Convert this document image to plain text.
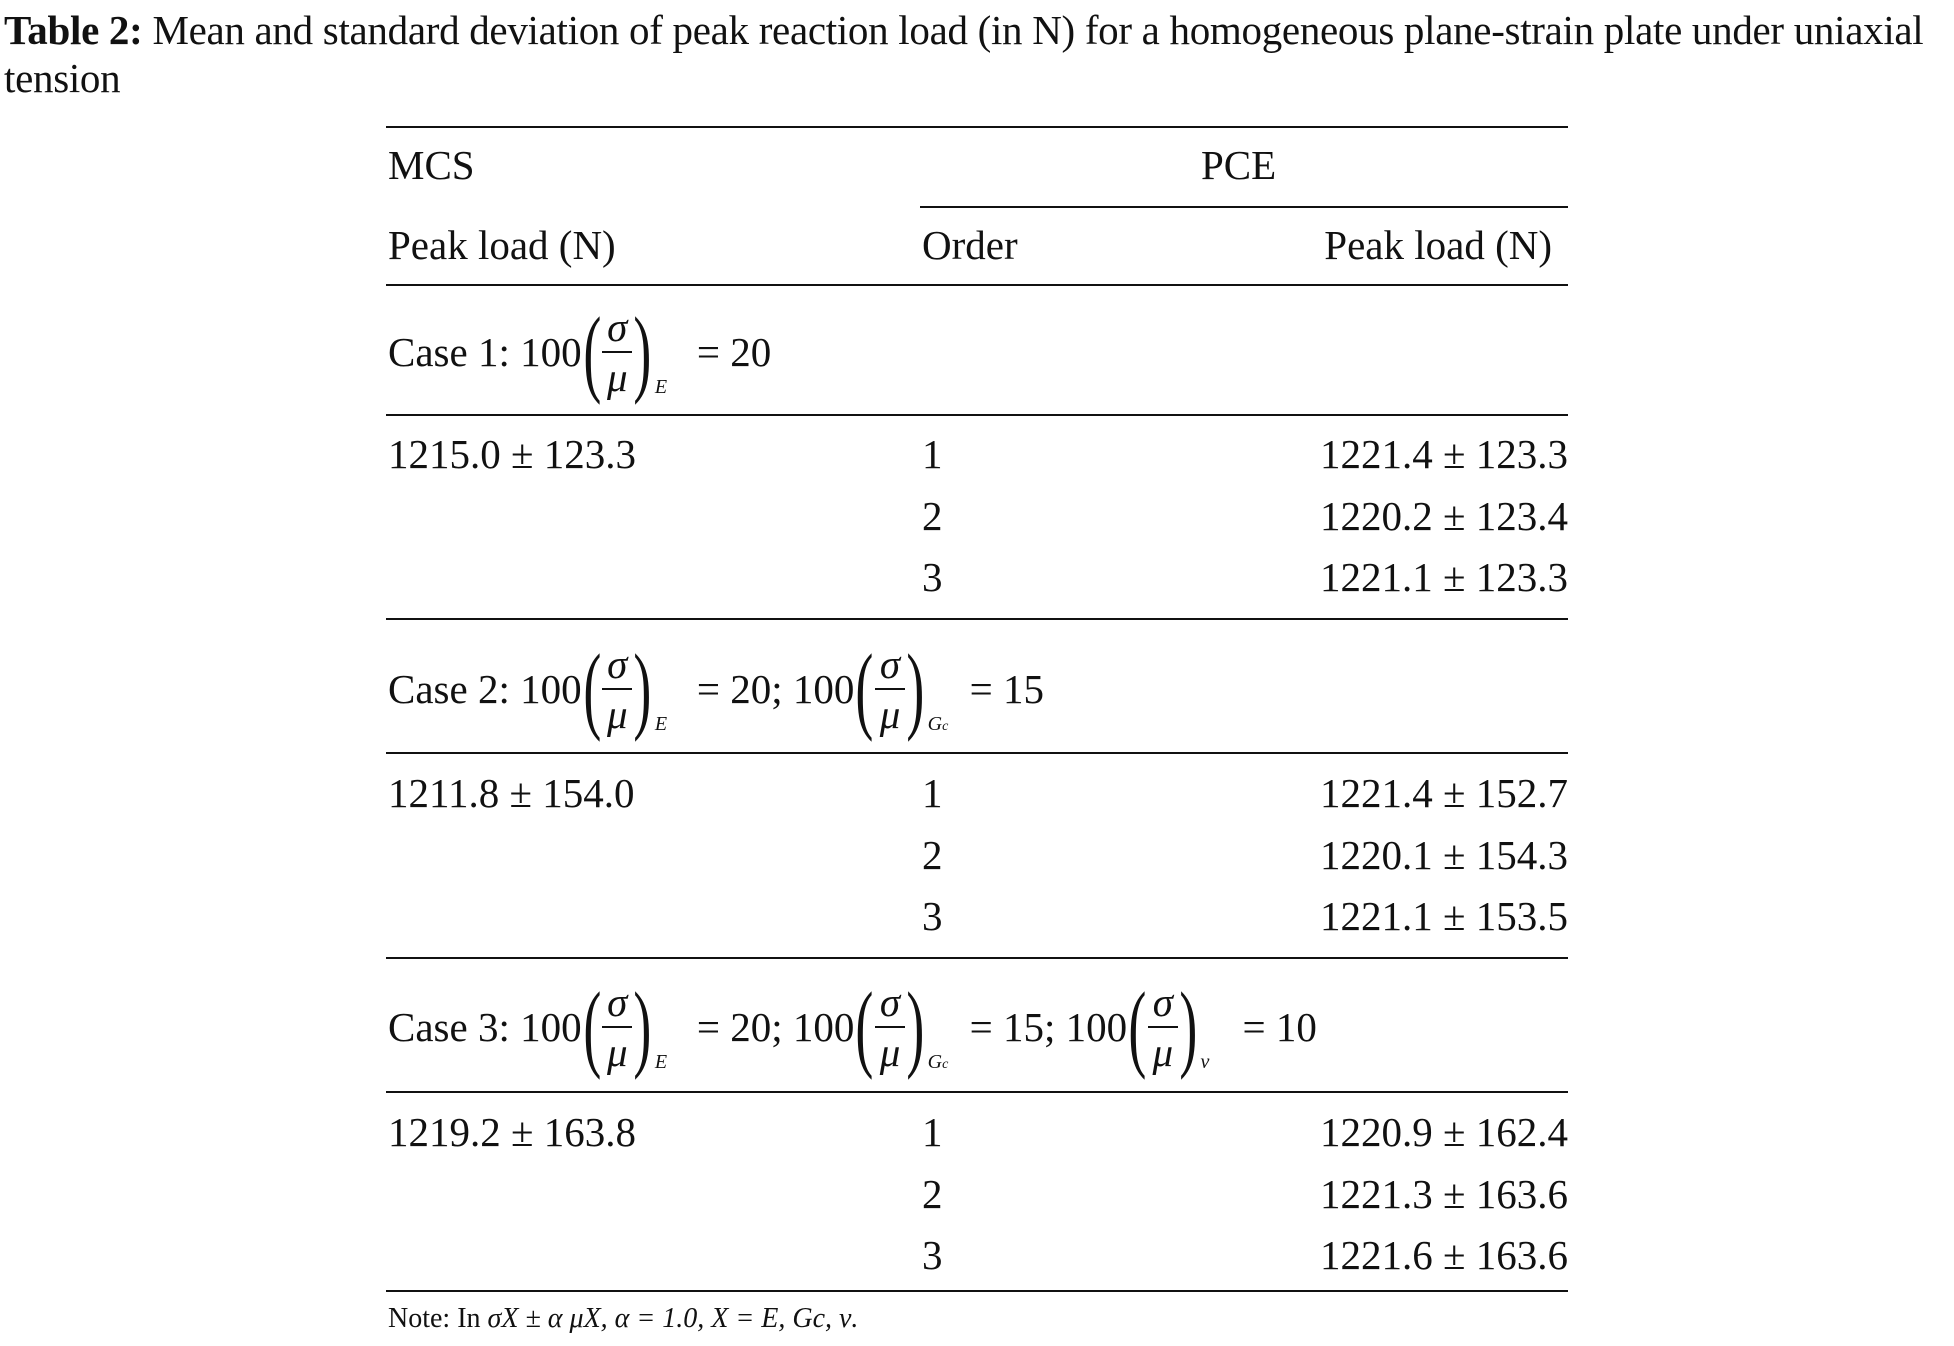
Table 2: Mean and standard deviation of peak reaction load (in N) for a homogeneous plane-strain plate under uniaxial tension
MCS	PCE
Peak load (N)	Order	Peak load (N)
Case 1: 100 ( $\frac{\sigma}{\mu}$ ) E
= 20
1215.0 ± 123.3	1	1221.4 ± 123.3
2	1220.2 ± 123.4
3	1221.1 ± 123.3
Case 2: 100 ( $\frac{\sigma}{\mu}$ ) E
= 20; 100 ( $\frac{\sigma}{\mu}$ ) Gc
= 15
1211.8 ± 154.0	1	1221.4 ± 152.7
2	1220.1 ± 154.3
3	1221.1 ± 153.5
Case 3: 100 ( $\frac{\sigma}{\mu}$ ) E
= 20; 100 ( $\frac{\sigma}{\mu}$ ) Gc
= 15; 100 ( $\frac{\sigma}{\mu}$ ) ν
= 10
1219.2 ± 163.8	1	1220.9 ± 162.4
2	1221.3 ± 163.6
3	1221.6 ± 163.6
Note: In σX ± α μX, α = 1.0, X = E, Gc, ν.
